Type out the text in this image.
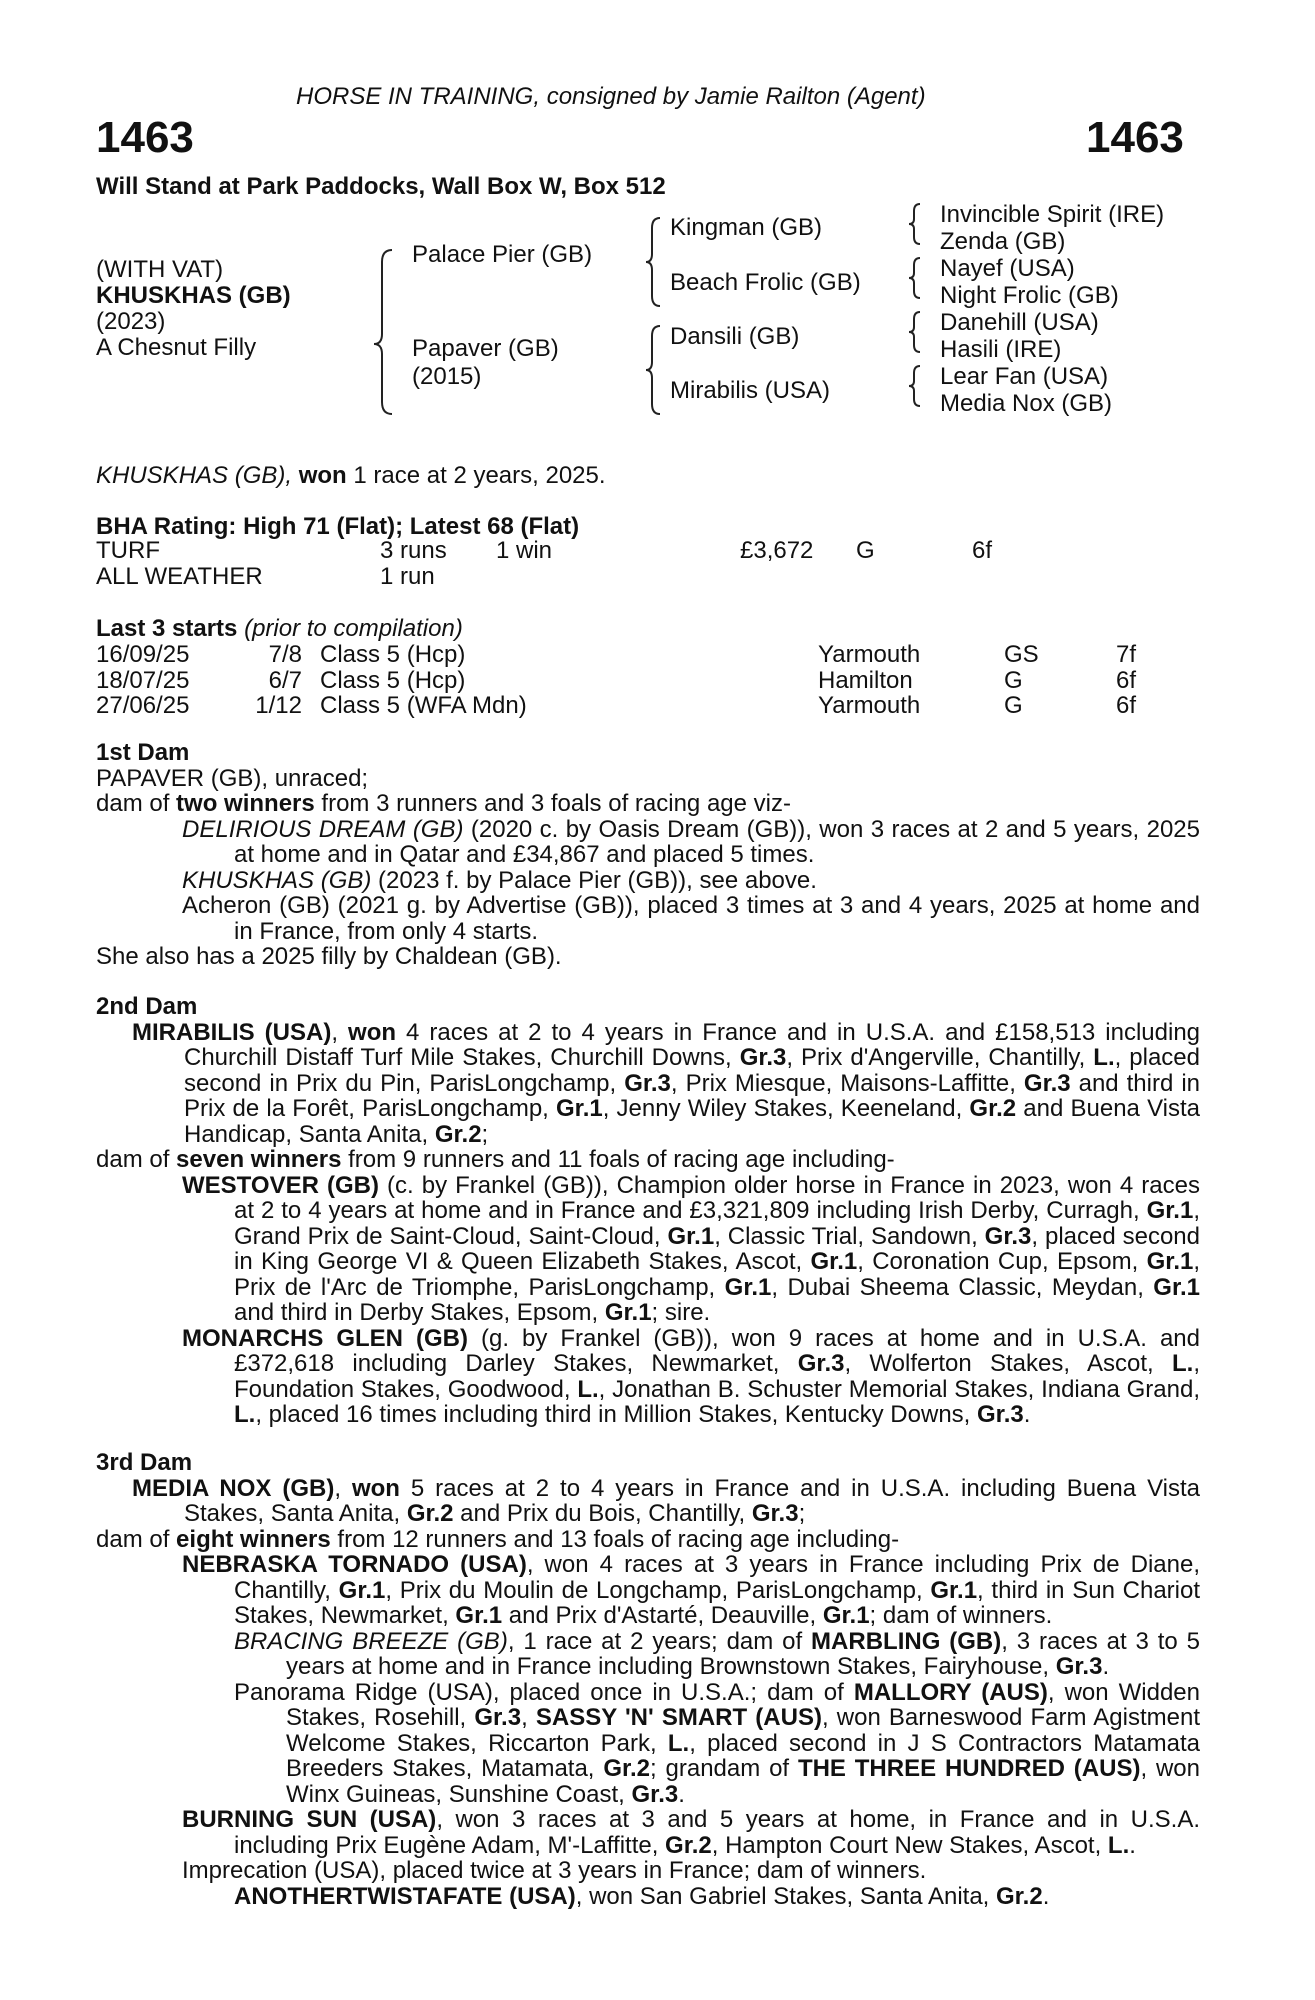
HORSE IN TRAINING, consigned by Jamie Railton (Agent)
1463	1463
Will Stand at Park Paddocks, Wall Box W, Box 512
(WITH VAT)
KHUSKHAS (GB)
(2023)
A Chesnut Filly
Palace Pier (GB)
Papaver (GB)
(2015)
Kingman (GB)
Beach Frolic (GB)
Dansili (GB)
Mirabilis (USA)
Invincible Spirit (IRE)
Zenda (GB)
Nayef (USA)
Night Frolic (GB)
Danehill (USA)
Hasili (IRE)
Lear Fan (USA)
Media Nox (GB)
KHUSKHAS (GB), won 1 race at 2 years, 2025.
BHA Rating: High 71 (Flat); Latest 68 (Flat)
TURF	3 runs 1 win	£3,672 G	6f
ALL WEATHER	1 run
Last 3 starts (prior to compilation)
16/09/25	7/8 Class 5 (Hcp)	Yarmouth	GS	7f
18/07/25	6/7 Class 5 (Hcp)	Hamilton	G	6f
27/06/25	1/12 Class 5 (WFA Mdn)	Yarmouth	G	6f

1st Dam

PAPAVER (GB), unraced;

dam of two winners from 3 runners and 3 foals of racing age viz-

DELIRIOUS DREAM (GB) (2020 c. by Oasis Dream (GB)), won 3 races at 2 and 5 years, 2025 at home and in Qatar and £34,867 and placed 5 times.

KHUSKHAS (GB) (2023 f. by Palace Pier (GB)), see above.

Acheron (GB) (2021 g. by Advertise (GB)), placed 3 times at 3 and 4 years, 2025 at home and in France, from only 4 starts.

She also has a 2025 filly by Chaldean (GB).

2nd Dam

MIRABILIS (USA), won 4 races at 2 to 4 years in France and in U.S.A. and £158,513 including Churchill Distaff Turf Mile Stakes, Churchill Downs, Gr.3, Prix d'Angerville, Chantilly, L., placed second in Prix du Pin, ParisLongchamp, Gr.3, Prix Miesque, Maisons-Laffitte, Gr.3 and third in Prix de la Forêt, ParisLongchamp, Gr.1, Jenny Wiley Stakes, Keeneland, Gr.2 and Buena Vista Handicap, Santa Anita, Gr.2;

dam of seven winners from 9 runners and 11 foals of racing age including-

WESTOVER (GB) (c. by Frankel (GB)), Champion older horse in France in 2023, won 4 races at 2 to 4 years at home and in France and £3,321,809 including Irish Derby, Curragh, Gr.1, Grand Prix de Saint-Cloud, Saint-Cloud, Gr.1, Classic Trial, Sandown, Gr.3, placed second in King George VI & Queen Elizabeth Stakes, Ascot, Gr.1, Coronation Cup, Epsom, Gr.1, Prix de l'Arc de Triomphe, ParisLongchamp, Gr.1, Dubai Sheema Classic, Meydan, Gr.1 and third in Derby Stakes, Epsom, Gr.1; sire.

MONARCHS GLEN (GB) (g. by Frankel (GB)), won 9 races at home and in U.S.A. and £372,618 including Darley Stakes, Newmarket, Gr.3, Wolferton Stakes, Ascot, L., Foundation Stakes, Goodwood, L., Jonathan B. Schuster Memorial Stakes, Indiana Grand, L., placed 16 times including third in Million Stakes, Kentucky Downs, Gr.3.

3rd Dam

MEDIA NOX (GB), won 5 races at 2 to 4 years in France and in U.S.A. including Buena Vista Stakes, Santa Anita, Gr.2 and Prix du Bois, Chantilly, Gr.3;

dam of eight winners from 12 runners and 13 foals of racing age including-

NEBRASKA TORNADO (USA), won 4 races at 3 years in France including Prix de Diane, Chantilly, Gr.1, Prix du Moulin de Longchamp, ParisLongchamp, Gr.1, third in Sun Chariot Stakes, Newmarket, Gr.1 and Prix d'Astarté, Deauville, Gr.1; dam of winners.

BRACING BREEZE (GB), 1 race at 2 years; dam of MARBLING (GB), 3 races at 3 to 5 years at home and in France including Brownstown Stakes, Fairyhouse, Gr.3.

Panorama Ridge (USA), placed once in U.S.A.; dam of MALLORY (AUS), won Widden Stakes, Rosehill, Gr.3, SASSY 'N' SMART (AUS), won Barneswood Farm Agistment Welcome Stakes, Riccarton Park, L., placed second in J S Contractors Matamata Breeders Stakes, Matamata, Gr.2; grandam of THE THREE HUNDRED (AUS), won Winx Guineas, Sunshine Coast, Gr.3.

BURNING SUN (USA), won 3 races at 3 and 5 years at home, in France and in U.S.A. including Prix Eugène Adam, M'-Laffitte, Gr.2, Hampton Court New Stakes, Ascot, L..

Imprecation (USA), placed twice at 3 years in France; dam of winners.

ANOTHERTWISTAFATE (USA), won San Gabriel Stakes, Santa Anita, Gr.2.
